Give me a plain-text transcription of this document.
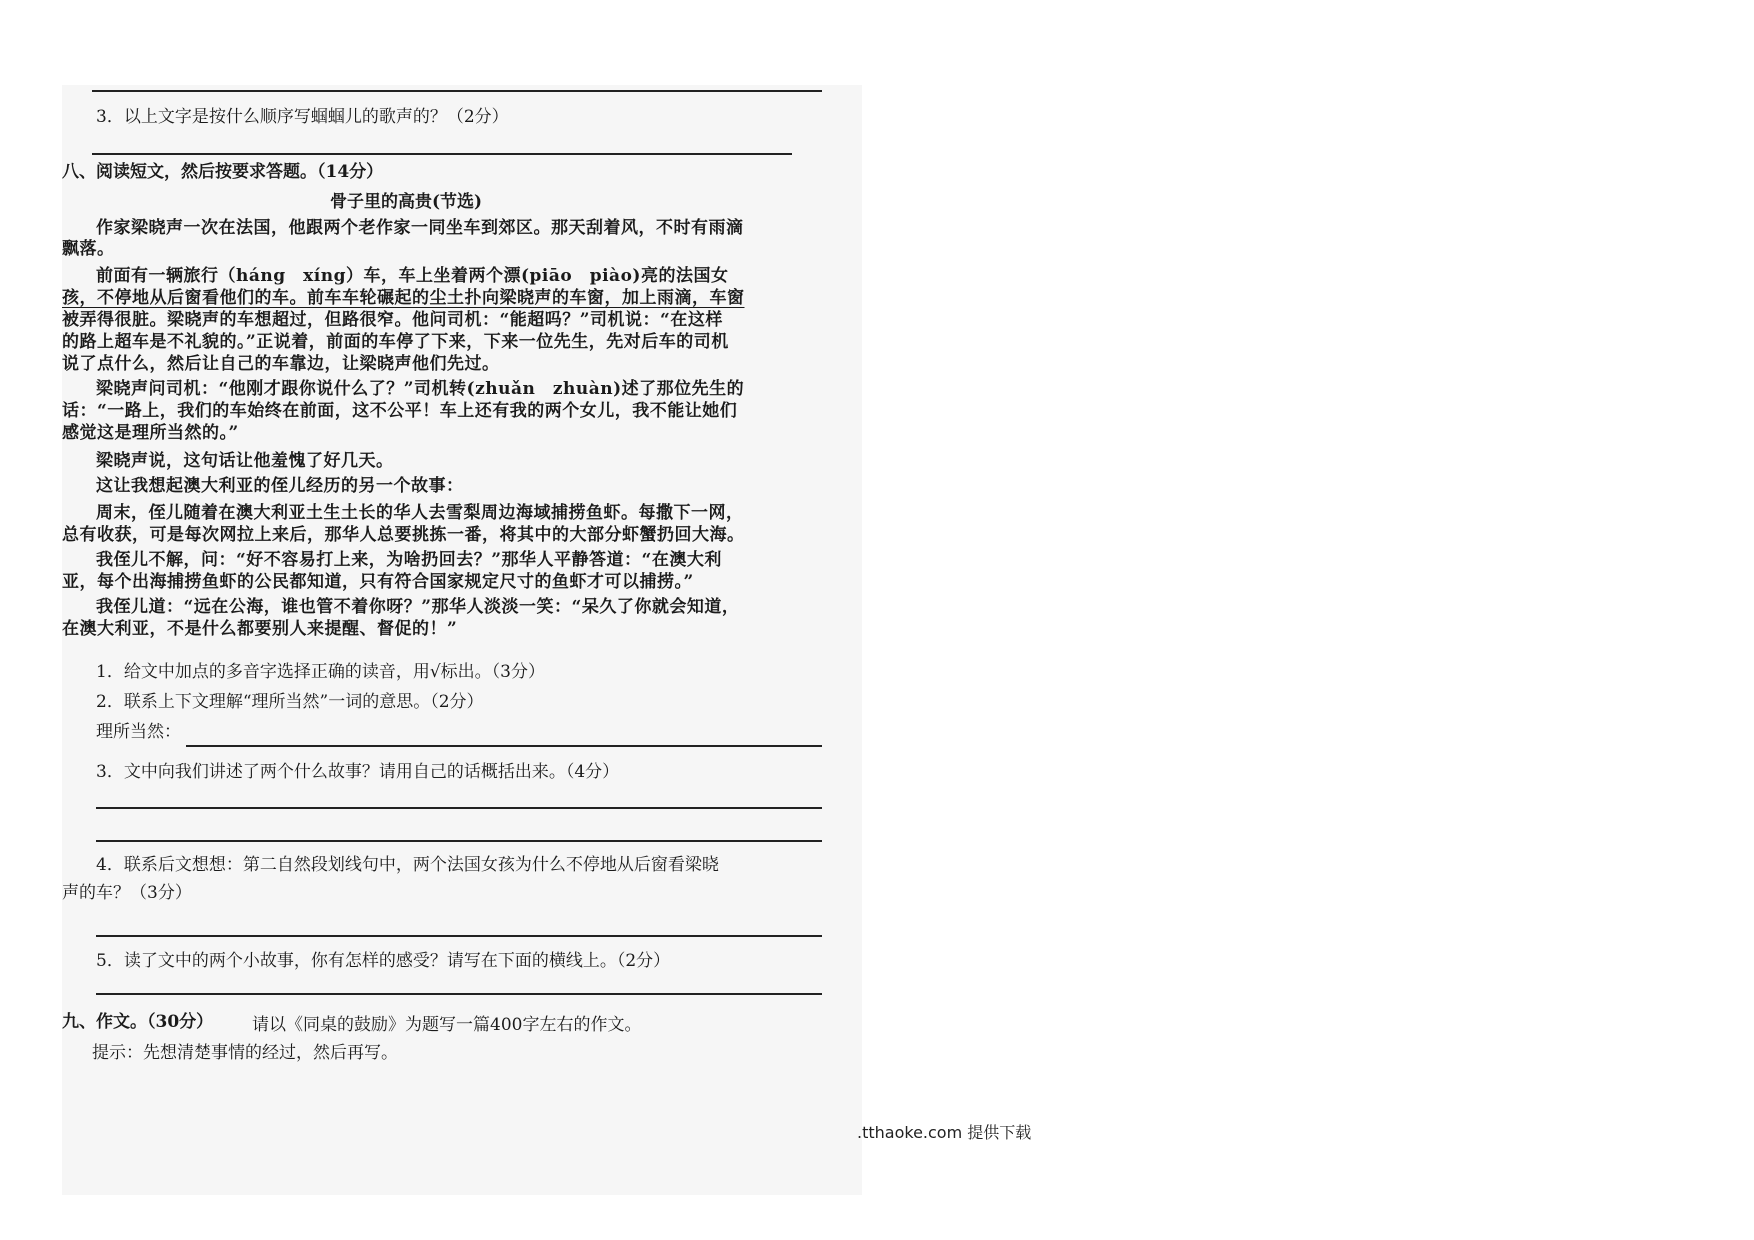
3．以上文字是按什么顺序写蝈蝈儿的歌声的？（2分）
八、阅读短文，然后按要求答题。（14分）
骨子里的高贵(节选)
作家梁晓声一次在法国，他跟两个老作家一同坐车到郊区。那天刮着风，不时有雨滴
飘落。
前面有一辆旅行（háng　xíng）车，车上坐着两个漂(piāo　piào)亮的法国女
孩，不停地从后窗看他们的车。前车车轮碾起的尘土扑向梁晓声的车窗，加上雨滴，车窗
被弄得很脏。梁晓声的车想超过，但路很窄。他问司机：“能超吗？”司机说：“在这样
的路上超车是不礼貌的。”正说着，前面的车停了下来，下来一位先生，先对后车的司机
说了点什么，然后让自己的车靠边，让梁晓声他们先过。
梁晓声问司机：“他刚才跟你说什么了？”司机转(zhuǎn　zhuàn)述了那位先生的
话：“一路上，我们的车始终在前面，这不公平！车上还有我的两个女儿，我不能让她们
感觉这是理所当然的。”
梁晓声说，这句话让他羞愧了好几天。
这让我想起澳大利亚的侄儿经历的另一个故事：
周末，侄儿随着在澳大利亚土生土长的华人去雪梨周边海域捕捞鱼虾。每撒下一网，
总有收获，可是每次网拉上来后，那华人总要挑拣一番，将其中的大部分虾蟹扔回大海。
我侄儿不解，问：“好不容易打上来，为啥扔回去？”那华人平静答道：“在澳大利
亚，每个出海捕捞鱼虾的公民都知道，只有符合国家规定尺寸的鱼虾才可以捕捞。”
我侄儿道：“远在公海，谁也管不着你呀？”那华人淡淡一笑：“呆久了你就会知道，
在澳大利亚，不是什么都要别人来提醒、督促的！”
1．给文中加点的多音字选择正确的读音，用√标出。（3分）
2．联系上下文理解“理所当然”一词的意思。（2分）
理所当然：
3．文中向我们讲述了两个什么故事？请用自己的话概括出来。（4分）
4．联系后文想想：第二自然段划线句中，两个法国女孩为什么不停地从后窗看梁晓
声的车？（3分）
5．读了文中的两个小故事，你有怎样的感受？请写在下面的横线上。（2分）
九、作文。（30分） 请以《同桌的鼓励》为题写一篇400字左右的作文。
提示：先想清楚事情的经过，然后再写。
.tthaoke.com 提供下载
